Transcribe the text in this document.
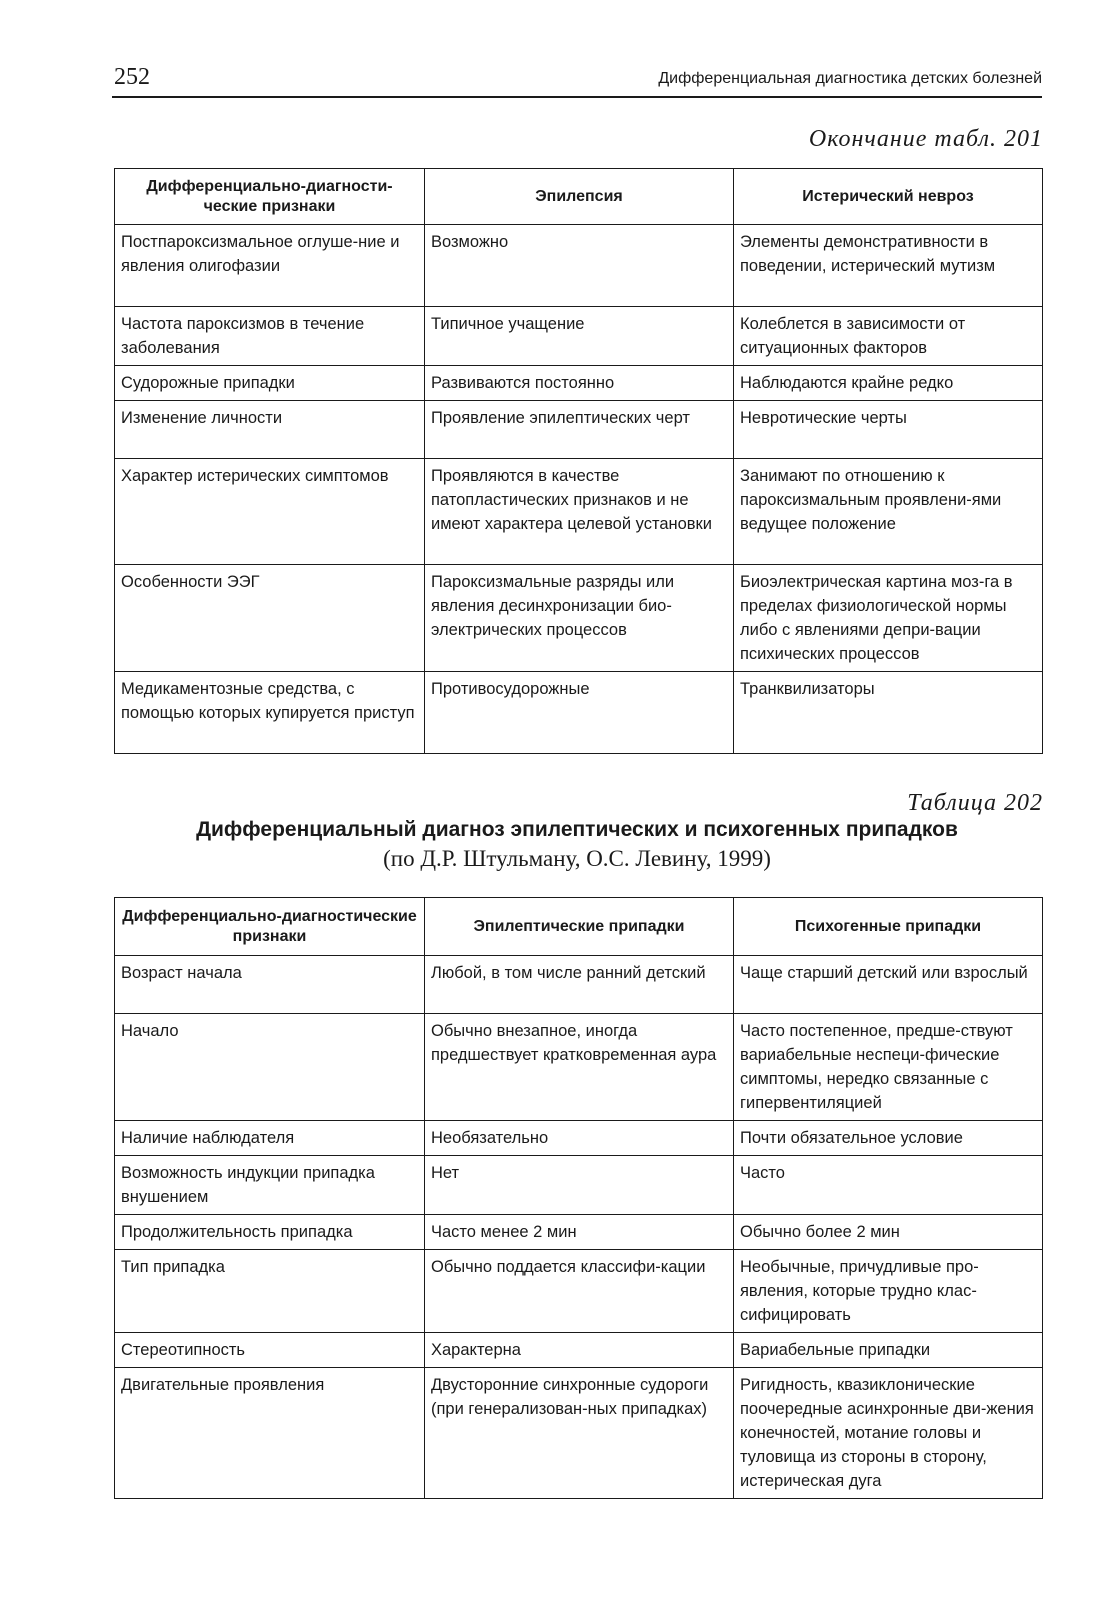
252	Дифференциальная диагностика детских болезней
Окончание табл. 201
Дифференциально-диагности-ческие признаки	Эпилепсия	Истерический невроз
Постпароксизмальное оглуше-ние и явления олигофазии	Возможно	Элементы демонстративности в поведении, истерический мутизм
Частота пароксизмов в течение заболевания	Типичное учащение	Колеблется в зависимости от ситуационных факторов
Судорожные припадки	Развиваются постоянно	Наблюдаются крайне редко
Изменение личности	Проявление эпилептических черт	Невротические черты
Характер истерических симптомов	Проявляются в качестве патопластических признаков и не имеют характера целевой установки	Занимают по отношению к пароксизмальным проявлени-ями ведущее положение
Особенности ЭЭГ	Пароксизмальные разряды или явления десинхронизации био-электрических процессов	Биоэлектрическая картина моз-га в пределах физиологической нормы либо с явлениями депри-вации психических процессов
Медикаментозные средства, с помощью которых купируется приступ	Противосудорожные	Транквилизаторы
Таблица 202
Дифференциальный диагноз эпилептических и психогенных припадков
(по Д.Р. Штульману, О.С. Левину, 1999)
Дифференциально-диагностические признаки	Эпилептические припадки	Психогенные припадки
Возраст начала	Любой, в том числе ранний детский	Чаще старший детский или взрослый
Начало	Обычно внезапное, иногда предшествует кратковременная аура	Часто постепенное, предше-ствуют вариабельные неспеци-фические симптомы, нередко связанные с гипервентиляцией
Наличие наблюдателя	Необязательно	Почти обязательное условие
Возможность индукции припадка внушением	Нет	Часто
Продолжительность припадка	Часто менее 2 мин	Обычно более 2 мин
Тип припадка	Обычно поддается классифи-кации	Необычные, причудливые про-явления, которые трудно клас-сифицировать
Стереотипность	Характерна	Вариабельные припадки
Двигательные проявления	Двусторонние синхронные судороги (при генерализован-ных припадках)	Ригидность, квазиклонические поочередные асинхронные дви-жения конечностей, мотание головы и туловища из стороны в сторону, истерическая дуга
